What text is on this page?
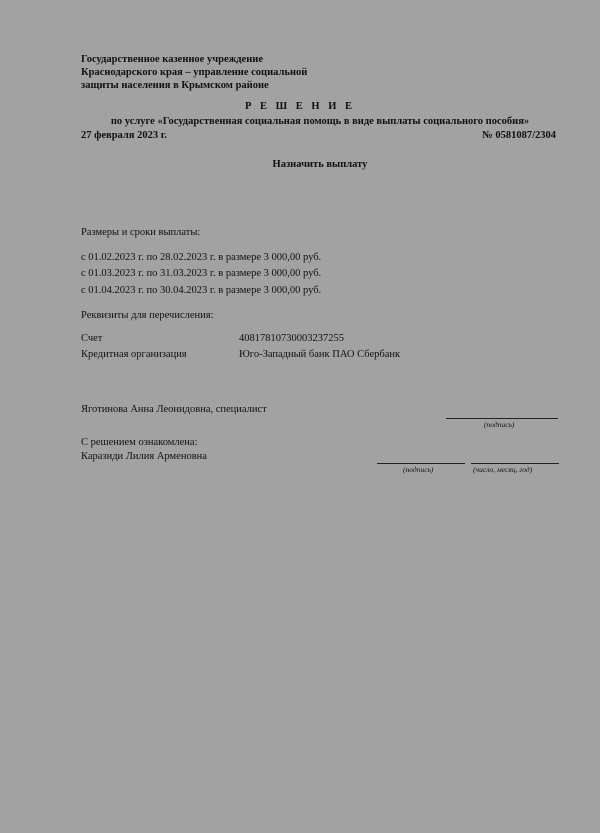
Государственное казенное учреждение
Краснодарского края – управление социальной
защиты населения в Крымском районе
Р Е Ш Е Н И Е
по услуге «Государственная социальная помощь в виде выплаты социального пособия»
27 февраля 2023 г.	№ 0581087/2304
Назначить выплату
Размеры и сроки выплаты:
с 01.02.2023 г. по 28.02.2023 г. в размере 3 000,00 руб.
с 01.03.2023 г. по 31.03.2023 г. в размере 3 000,00 руб.
с 01.04.2023 г. по 30.04.2023 г. в размере 3 000,00 руб.
Реквизиты для перечисления:
Счет	40817810730003237255
Кредитная организация	Юго-Западный банк ПАО Сбербанк
Яготинова Анна Леонидовна, специалист
(подпись)
С решением ознакомлена:
Каразиди Лилия Арменовна
(подпись)	(число, месяц, год)
